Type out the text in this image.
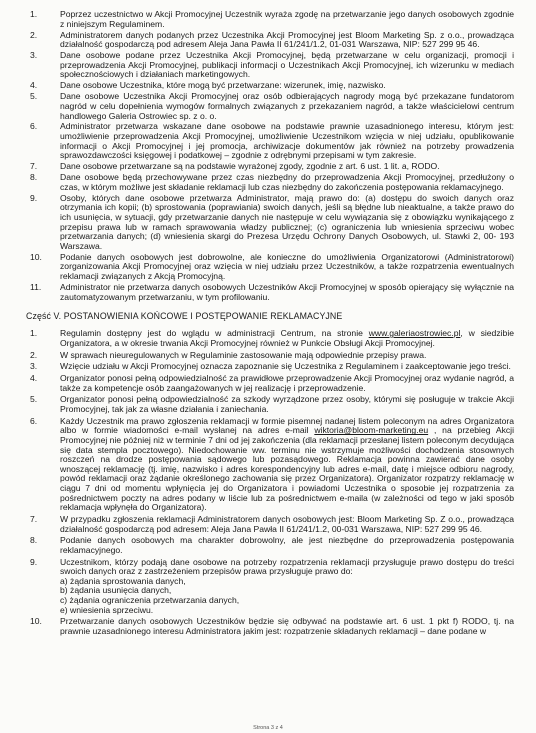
1.	Poprzez uczestnictwo w Akcji Promocyjnej Uczestnik wyraża zgodę na przetwarzanie jego danych osobowych zgodnie z niniejszym Regulaminem.
2.	Administratorem danych podanych przez Uczestnika Akcji Promocyjnej jest Bloom Marketing Sp. z o.o., prowadząca działalność gospodarczą pod adresem Aleja Jana Pawła II 61/241/1.2, 01-031 Warszawa, NIP: 527 299 95 46.
3.	Dane osobowe podane przez Uczestnika Akcji Promocyjnej, będą przetwarzane w celu organizacji, promocji i przeprowadzenia Akcji Promocyjnej, publikacji informacji o Uczestnikach Akcji Promocyjnej, ich wizerunku w mediach społecznościowych i działaniach marketingowych.
4.	Dane osobowe Uczestnika, które mogą być przetwarzane: wizerunek, imię, nazwisko.
5.	Dane osobowe Uczestnika Akcji Promocyjnej oraz osób odbierających nagrody mogą być przekazane fundatorom nagród w celu dopełnienia wymogów formalnych związanych z przekazaniem nagród, a także właścicielowi centrum handlowego Galeria Ostrowiec sp. z o. o.
6.	Administrator przetwarza wskazane dane osobowe na podstawie prawnie uzasadnionego interesu, którym jest: umożliwienie przeprowadzenia Akcji Promocyjnej, umożliwienie Uczestnikom wzięcia w niej udziału, opublikowanie informacji o Akcji Promocyjnej i jej promocja, archiwizacje dokumentów jak również na potrzeby prowadzenia sprawozdawczości księgowej i podatkowej – zgodnie z odrębnymi przepisami w tym zakresie.
7.	Dane osobowe przetwarzane są na podstawie wyrażonej zgody, zgodnie z art. 6 ust. 1 lit. a, RODO.
8.	Dane osobowe będą przechowywane przez czas niezbędny do przeprowadzenia Akcji Promocyjnej, przedłużony o czas, w którym możliwe jest składanie reklamacji lub czas niezbędny do zakończenia postępowania reklamacyjnego.
9.	Osoby, których dane osobowe przetwarza Administrator, mają prawo do: (a) dostępu do swoich danych oraz otrzymania ich kopii; (b) sprostowania (poprawiania) swoich danych, jeśli są błędne lub nieaktualne, a także prawo do ich usunięcia, w sytuacji, gdy przetwarzanie danych nie następuje w celu wywiązania się z obowiązku wynikającego z przepisu prawa lub w ramach sprawowania władzy publicznej; (c) ograniczenia lub wniesienia sprzeciwu wobec przetwarzania danych; (d) wniesienia skargi do Prezesa Urzędu Ochrony Danych Osobowych, ul. Stawki 2, 00- 193 Warszawa.
10.	Podanie danych osobowych jest dobrowolne, ale konieczne do umożliwienia Organizatorowi (Administratorowi) zorganizowania Akcji Promocyjnej oraz wzięcia w niej udziału przez Uczestników, a także rozpatrzenia ewentualnych reklamacji związanych z Akcją Promocyjną.
11.	Administrator nie przetwarza danych osobowych Uczestników Akcji Promocyjnej w sposób opierający się wyłącznie na zautomatyzowanym przetwarzaniu, w tym profilowaniu.
Część V. POSTANOWIENIA KOŃCOWE I POSTĘPOWANIE REKLAMACYJNE
1.	Regulamin dostępny jest do wglądu w administracji Centrum, na stronie www.galeriaostrowiec.pl, w siedzibie Organizatora, a w okresie trwania Akcji Promocyjnej również w Punkcie Obsługi Akcji Promocyjnej.
2.	W sprawach nieuregulowanych w Regulaminie zastosowanie mają odpowiednie przepisy prawa.
3.	Wzięcie udziału w Akcji Promocyjnej oznacza zapoznanie się Uczestnika z Regulaminem i zaakceptowanie jego treści.
4.	Organizator ponosi pełną odpowiedzialność za prawidłowe przeprowadzenie Akcji Promocyjnej oraz wydanie nagród, a także za kompetencje osób zaangażowanych w jej realizację i przeprowadzenie.
5.	Organizator ponosi pełną odpowiedzialność za szkody wyrządzone przez osoby, którymi się posługuje w trakcie Akcji Promocyjnej, tak jak za własne działania i zaniechania.
6.	Każdy Uczestnik ma prawo zgłoszenia reklamacji w formie pisemnej nadanej listem poleconym na adres Organizatora albo w formie wiadomości e-mail wysłanej na adres e-mail wiktoria@bloom-marketing.eu , na przebieg Akcji Promocyjnej nie później niż w terminie 7 dni od jej zakończenia (dla reklamacji przesłanej listem poleconym decydująca się data stempla pocztowego). Niedochowanie ww. terminu nie wstrzymuje możliwości dochodzenia stosownych roszczeń na drodze postępowania sądowego lub pozasądowego. Reklamacja powinna zawierać dane osoby wnoszącej reklamację (tj. imię, nazwisko i adres korespondencyjny lub adres e-mail, datę i miejsce odbioru nagrody, powód reklamacji oraz żądanie określonego zachowania się przez Organizatora). Organizator rozpatrzy reklamację w ciągu 7 dni od momentu wpłynięcia jej do Organizatora i powiadomi Uczestnika o sposobie jej rozpatrzenia za pośrednictwem poczty na adres podany w liście lub za pośrednictwem e-maila (w zależności od tego w jaki sposób reklamacja wpłynęła do Organizatora).
7.	W przypadku zgłoszenia reklamacji Administratorem danych osobowych jest: Bloom Marketing Sp. Z o.o., prowadząca działalność gospodarczą pod adresem: Aleja Jana Pawła II 61/241/1.2, 00-031 Warszawa, NIP: 527 299 95 46.
8.	Podanie danych osobowych ma charakter dobrowolny, ale jest niezbędne do przeprowadzenia postępowania reklamacyjnego.
9.	Uczestnikom, którzy podają dane osobowe na potrzeby rozpatrzenia reklamacji przysługuje prawo dostępu do treści swoich danych oraz z zastrzeżeniem przepisów prawa przysługuje prawo do:
a) żądania sprostowania danych,
b) żądania usunięcia danych,
c) żądania ograniczenia przetwarzania danych,
e) wniesienia sprzeciwu.
10.	Przetwarzanie danych osobowych Uczestników będzie się odbywać na podstawie art. 6 ust. 1 pkt f) RODO, tj. na prawnie uzasadnionego interesu Administratora jakim jest: rozpatrzenie składanych reklamacji – dane podane w
Strona 3 z 4
